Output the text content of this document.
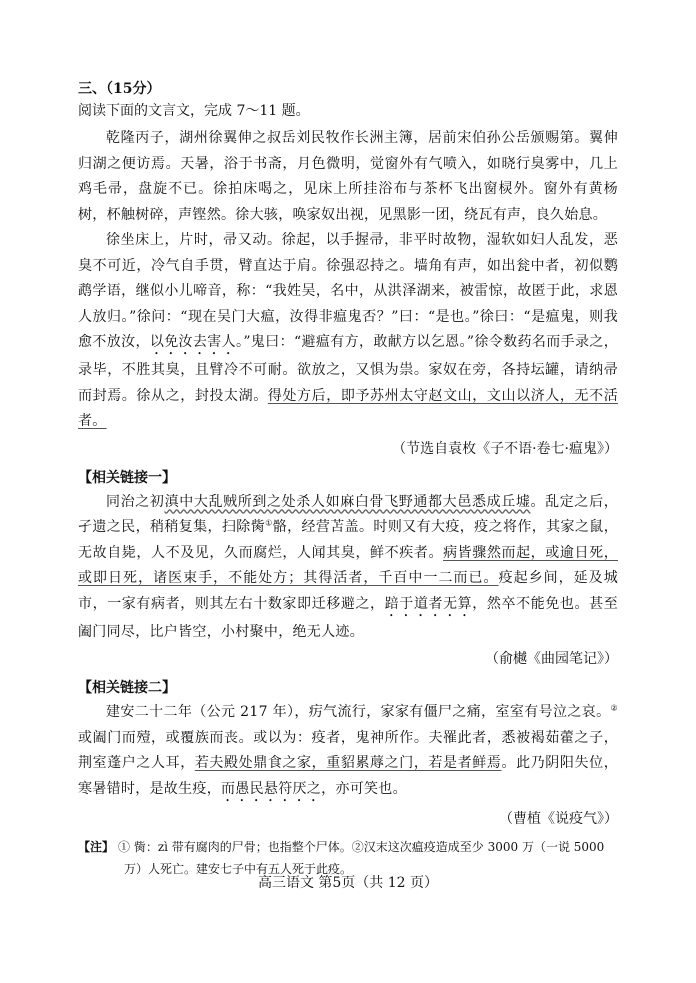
三、（15分）

阅读下面的文言文，完成 7～11 题。

乾隆丙子，湖州徐翼伸之叔岳刘民牧作长洲主簿，居前宋伯孙公岳颁赐第。翼伸归湖之便访焉。天暑，浴于书斋，月色微明，觉窗外有气喷入，如晓行臭雾中，几上鸡毛帚，盘旋不已。徐拍床喝之，见床上所挂浴布与茶杯飞出窗棂外。窗外有黄杨树，杯触树碎，声铿然。徐大骇，唤家奴出视，见黑影一团，绕瓦有声，良久始息。

徐坐床上，片时，帚又动。徐起，以手握帚，非平时故物，湿软如妇人乱发，恶臭不可近，冷气自手贯，臂直达于肩。徐强忍持之。墙角有声，如出瓮中者，初似鹦鹉学语，继似小儿啼音，称：“我姓吴，名中，从洪泽湖来，被雷惊，故匿于此，求恩人放归。”徐问：“现在吴门大瘟，汝得非瘟鬼否？”曰：“是也。”徐曰：“是瘟鬼，则我愈不放汝，以免汝去害人。”鬼曰：“避瘟有方，敢献方以乞恩。”徐令数药名而手录之，录毕，不胜其臭，且臂冷不可耐。欲放之，又惧为祟。家奴在旁，各持坛罐，请纳帚而封焉。徐从之，封投太湖。得处方后，即予苏州太守赵文山，文山以济人，无不活者。

（节选自袁枚《子不语·卷七·瘟鬼》）

【相关链接一】

同治之初滇中大乱贼所到之处杀人如麻白骨飞野通都大邑悉成丘墟。乱定之后，孑遗之民，稍稍复集，扫除胔①骼，经营苫盖。时则又有大疫，疫之将作，其家之鼠，无故自毙，人不及见，久而腐烂，人闻其臭，鲜不疾者。病皆骤然而起，或逾日死，或即日死，诸医束手，不能处方；其得活者，千百中一二而已。疫起乡间，延及城市，一家有病者，则其左右十数家即迁移避之，踣于道者无算，然卒不能免也。甚至阖门同尽，比户皆空，小村聚中，绝无人迹。

（俞樾《曲园笔记》）

【相关链接二】

建安二十二年（公元 217 年），疠气流行，家家有僵尸之痛，室室有号泣之哀。②或阖门而殪，或覆族而丧。或以为：疫者，鬼神所作。夫罹此者，悉被褐茹藿之子，荆室蓬户之人耳，若夫殿处鼎食之家，重貂累蓐之门，若是者鲜焉。此乃阴阳失位，寒暑错时，是故生疫，而愚民悬符厌之，亦可笑也。

（曹植《说疫气》）

【注】 ① 胔：zì 带有腐肉的尸骨；也指整个尸体。②汉末这次瘟疫造成至少 3000 万（一说 5000 万）人死亡。建安七子中有五人死于此疫。

高三语文 第5页（共 12 页）
